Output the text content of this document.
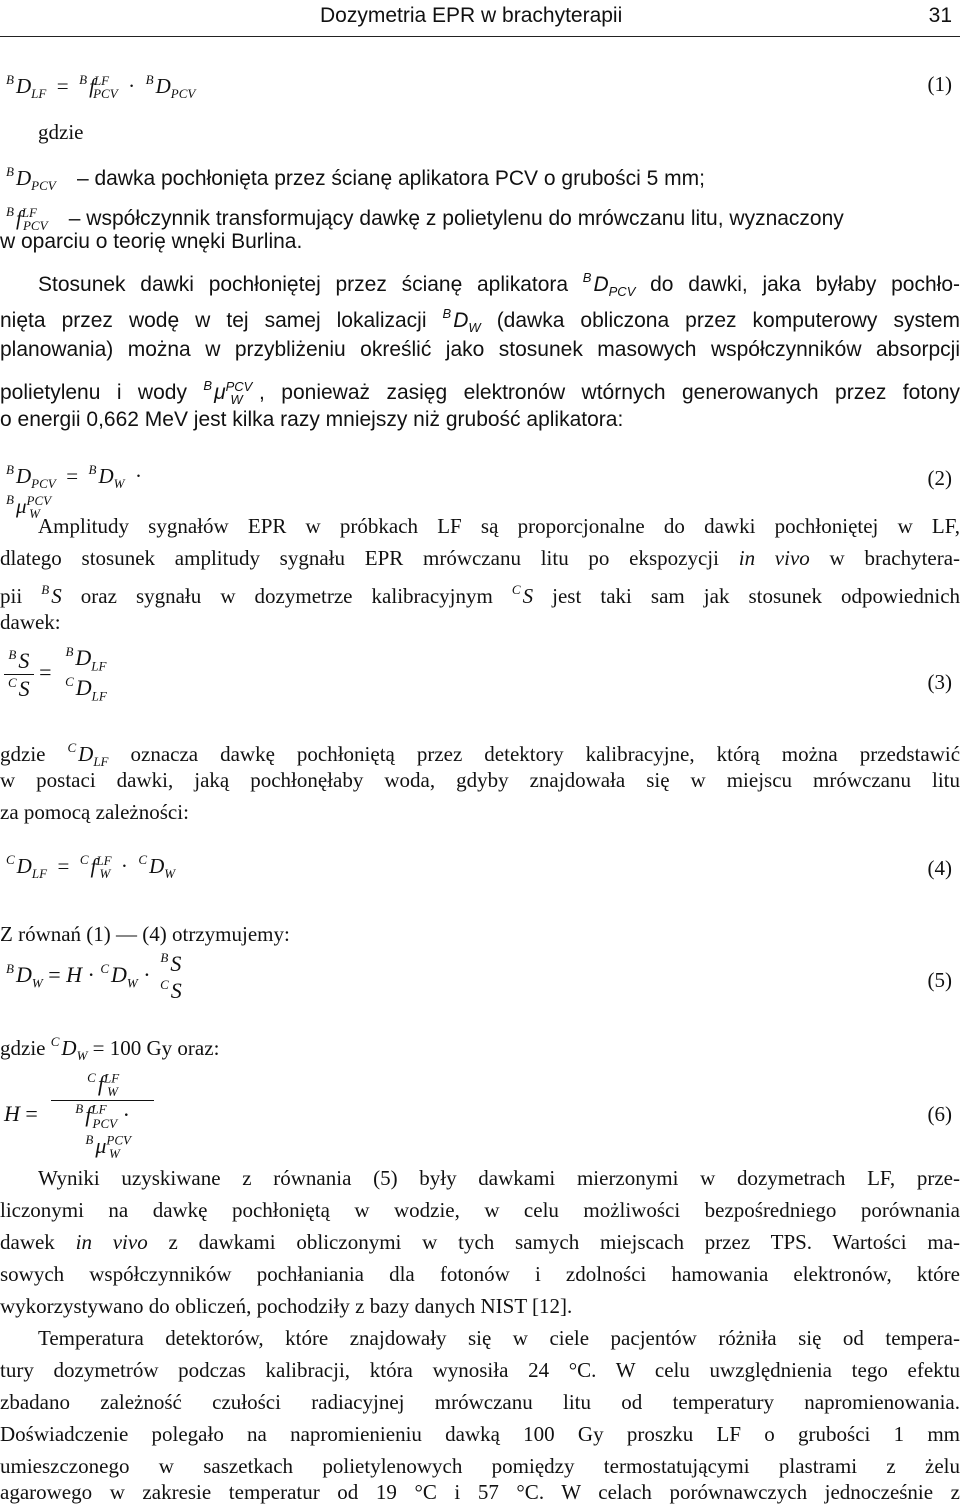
Dozymetria EPR w brachyterapii	31
$^BD_{LF} = ^Bf^{LF}_{PCV} \cdot ^BD_{PCV}$	(1)
gdzie
$^BD_{PCV}$ – dawka pochłonięta przez ścianę aplikatora PCV o grubości 5 mm;
$^Bf^{LF}_{PCV}$ – współczynnik transformujący dawkę z polietylenu do mrówczanu litu, wyznaczony
w oparciu o teorię wnęki Burlina.
Stosunek dawki pochłoniętej przez ścianę aplikatora $^BD_{PCV}$ do dawki, jaka byłaby pochło-
nięta przez wodę w tej samej lokalizacji $^BD_W$ (dawka obliczona przez komputerowy system
planowania) można w przybliżeniu określić jako stosunek masowych współczynników absorpcji
polietylenu i wody $^B\mu^{PCV}_W$ , ponieważ zasięg elektronów wtórnych generowanych przez fotony
o energii 0,662 MeV jest kilka razy mniejszy niż grubość aplikatora:
$^BD_{PCV} = ^BD_W \cdot ^B\mu^{PCV}_W$
(2)
Amplitudy sygnałów EPR w próbkach LF są proporcjonalne do dawki pochłoniętej w LF,
dlatego stosunek amplitudy sygnału EPR mrówczanu litu po ekspozycji in vivo w brachytera-
pii $^B$S oraz sygnału w dozymetrze kalibracyjnym $^C$S jest taki sam jak stosunek odpowiednich
dawek:
$\frac{^BS}{^CS}$ =
$^BD_{LF}$
$^CD_{LF}$
(3)
gdzie $^CD_{LF}$ oznacza dawkę pochłoniętą przez detektory kalibracyjne, którą można przedstawić
w postaci dawki, jaką pochłonęłaby woda, gdyby znajdowała się w miejscu mrówczanu litu
za pomocą zależności:
$^CD_{LF} = ^Cf^{LF}_W \cdot ^CD_W$	(4)
Z równań (1) — (4) otrzymujemy:
$^BD_W = H \cdot ^CD_W$ ·
$^B$S
$^C$S	(5)
gdzie $^CD_W = 100$ Gy oraz:
$H = \frac{^Cf^{LF}_W}{^Bf^{LF}_{PCV} \cdot ^B\mu^{PCV}_W}$	(6)
Wyniki uzyskiwane z równania (5) były dawkami mierzonymi w dozymetrach LF, prze-
liczonymi na dawkę pochłoniętą w wodzie, w celu możliwości bezpośredniego porównania
dawek in vivo z dawkami obliczonymi w tych samych miejscach przez TPS. Wartości ma-
sowych współczynników pochłaniania dla fotonów i zdolności hamowania elektronów, które
wykorzystywano do obliczeń, pochodziły z bazy danych NIST [12].
Temperatura detektorów, które znajdowały się w ciele pacjentów różniła się od tempera-
tury dozymetrów podczas kalibracji, która wynosiła 24 °C. W celu uwzględnienia tego efektu
zbadano zależność czułości radiacyjnej mrówczanu litu od temperatury napromienowania.
Doświadczenie polegało na napromienieniu dawką 100 Gy proszku LF o grubości 1 mm
umieszczonego w saszetkach polietylenowych pomiędzy termostatującymi plastrami z żelu
agarowego w zakresie temperatur od 19 °C i 57 °C. W celach porównawczych jednocześnie z
